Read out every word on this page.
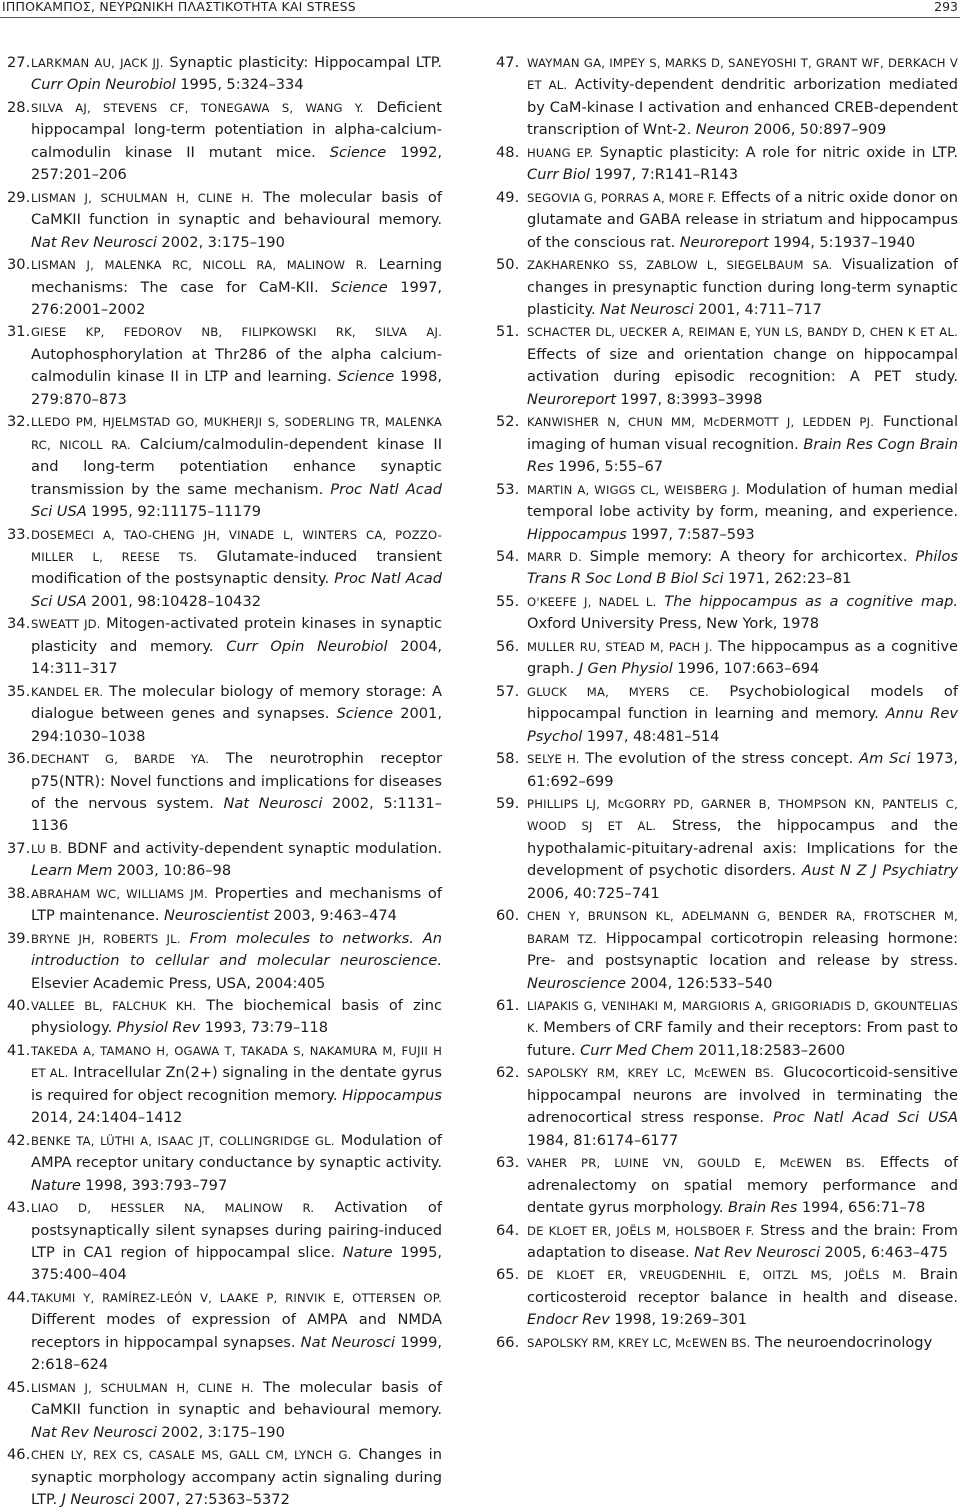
ΙΠΠΟΚΑΜΠΟΣ, ΝΕΥΡΩΝΙΚΗ ΠΛΑΣΤΙΚΟΤΗΤΑ ΚΑΙ STRESS	293
27. LARKMAN AU, JACK JJ. Synaptic plasticity: Hippocampal LTP. Curr Opin Neurobiol 1995, 5:324–334
28. SILVA AJ, STEVENS CF, TONEGAWA S, WANG Y. Deficient hippocampal long-term potentiation in alpha-calcium-calmodulin kinase II mutant mice. Science 1992, 257:201–206
29. LISMAN J, SCHULMAN H, CLINE H. The molecular basis of CaMKII function in synaptic and behavioural memory. Nat Rev Neurosci 2002, 3:175–190
30. LISMAN J, MALENKA RC, NICOLL RA, MALINOW R. Learning mechanisms: The case for CaM-KII. Science 1997, 276:2001–2002
31. GIESE KP, FEDOROV NB, FILIPKOWSKI RK, SILVA AJ. Autophosphorylation at Thr286 of the alpha calcium-calmodulin kinase II in LTP and learning. Science 1998, 279:870–873
32. LLEDO PM, HJELMSTAD GO, MUKHERJI S, SODERLING TR, MALENKA RC, NICOLL RA. Calcium/calmodulin-dependent kinase II and long-term potentiation enhance synaptic transmission by the same mechanism. Proc Natl Acad Sci USA 1995, 92:11175–11179
33. DOSEMECI A, TAO-CHENG JH, VINADE L, WINTERS CA, POZZO-MILLER L, REESE TS. Glutamate-induced transient modification of the postsynaptic density. Proc Natl Acad Sci USA 2001, 98:10428–10432
34. SWEATT JD. Mitogen-activated protein kinases in synaptic plasticity and memory. Curr Opin Neurobiol 2004, 14:311–317
35. KANDEL ER. The molecular biology of memory storage: A dialogue between genes and synapses. Science 2001, 294:1030–1038
36. DECHANT G, BARDE YA. The neurotrophin receptor p75(NTR): Novel functions and implications for diseases of the nervous system. Nat Neurosci 2002, 5:1131–1136
37. LU B. BDNF and activity-dependent synaptic modulation. Learn Mem 2003, 10:86–98
38. ABRAHAM WC, WILLIAMS JM. Properties and mechanisms of LTP maintenance. Neuroscientist 2003, 9:463–474
39. BRYNE JH, ROBERTS JL. From molecules to networks. An introduction to cellular and molecular neuroscience. Elsevier Academic Press, USA, 2004:405
40. VALLEE BL, FALCHUK KH. The biochemical basis of zinc physiology. Physiol Rev 1993, 73:79–118
41. TAKEDA A, TAMANO H, OGAWA T, TAKADA S, NAKAMURA M, FUJII H ET AL. Intracellular Zn(2+) signaling in the dentate gyrus is required for object recognition memory. Hippocampus 2014, 24:1404–1412
42. BENKE TA, LÜTHI A, ISAAC JT, COLLINGRIDGE GL. Modulation of AMPA receptor unitary conductance by synaptic activity. Nature 1998, 393:793–797
43. LIAO D, HESSLER NA, MALINOW R. Activation of postsynaptically silent synapses during pairing-induced LTP in CA1 region of hippocampal slice. Nature 1995, 375:400–404
44. TAKUMI Y, RAMÍREZ-LEÓN V, LAAKE P, RINVIK E, OTTERSEN OP. Different modes of expression of AMPA and NMDA receptors in hippocampal synapses. Nat Neurosci 1999, 2:618–624
45. LISMAN J, SCHULMAN H, CLINE H. The molecular basis of CaMKII function in synaptic and behavioural memory. Nat Rev Neurosci 2002, 3:175–190
46. CHEN LY, REX CS, CASALE MS, GALL CM, LYNCH G. Changes in synaptic morphology accompany actin signaling during LTP. J Neurosci 2007, 27:5363–5372
47. WAYMAN GA, IMPEY S, MARKS D, SANEYOSHI T, GRANT WF, DERKACH V ET AL. Activity-dependent dendritic arborization mediated by CaM-kinase I activation and enhanced CREB-dependent transcription of Wnt-2. Neuron 2006, 50:897–909
48. HUANG EP. Synaptic plasticity: A role for nitric oxide in LTP. Curr Biol 1997, 7:R141–R143
49. SEGOVIA G, PORRAS A, MORE F. Effects of a nitric oxide donor on glutamate and GABA release in striatum and hippocampus of the conscious rat. Neuroreport 1994, 5:1937–1940
50. ZAKHARENKO SS, ZABLOW L, SIEGELBAUM SA. Visualization of changes in presynaptic function during long-term synaptic plasticity. Nat Neurosci 2001, 4:711–717
51. SCHACTER DL, UECKER A, REIMAN E, YUN LS, BANDY D, CHEN K ET AL. Effects of size and orientation change on hippocampal activation during episodic recognition: A PET study. Neuroreport 1997, 8:3993–3998
52. KANWISHER N, CHUN MM, McDERMOTT J, LEDDEN PJ. Functional imaging of human visual recognition. Brain Res Cogn Brain Res 1996, 5:55–67
53. MARTIN A, WIGGS CL, WEISBERG J. Modulation of human medial temporal lobe activity by form, meaning, and experience. Hippocampus 1997, 7:587–593
54. MARR D. Simple memory: A theory for archicortex. Philos Trans R Soc Lond B Biol Sci 1971, 262:23–81
55. O'KEEFE J, NADEL L. The hippocampus as a cognitive map. Oxford University Press, New York, 1978
56. MULLER RU, STEAD M, PACH J. The hippocampus as a cognitive graph. J Gen Physiol 1996, 107:663–694
57. GLUCK MA, MYERS CE. Psychobiological models of hippocampal function in learning and memory. Annu Rev Psychol 1997, 48:481–514
58. SELYE H. The evolution of the stress concept. Am Sci 1973, 61:692–699
59. PHILLIPS LJ, McGORRY PD, GARNER B, THOMPSON KN, PANTELIS C, WOOD SJ ET AL. Stress, the hippocampus and the hypothalamic-pituitary-adrenal axis: Implications for the development of psychotic disorders. Aust N Z J Psychiatry 2006, 40:725–741
60. CHEN Y, BRUNSON KL, ADELMANN G, BENDER RA, FROTSCHER M, BARAM TZ. Hippocampal corticotropin releasing hormone: Pre- and postsynaptic location and release by stress. Neuroscience 2004, 126:533–540
61. LIAPAKIS G, VENIHAKI M, MARGIORIS A, GRIGORIADIS D, GKOUNTELIAS K. Members of CRF family and their receptors: From past to future. Curr Med Chem 2011,18:2583–2600
62. SAPOLSKY RM, KREY LC, McEWEN BS. Glucocorticoid-sensitive hippocampal neurons are involved in terminating the adrenocortical stress response. Proc Natl Acad Sci USA 1984, 81:6174–6177
63. VAHER PR, LUINE VN, GOULD E, McEWEN BS. Effects of adrenalectomy on spatial memory performance and dentate gyrus morphology. Brain Res 1994, 656:71–78
64. DE KLOET ER, JOËLS M, HOLSBOER F. Stress and the brain: From adaptation to disease. Nat Rev Neurosci 2005, 6:463–475
65. DE KLOET ER, VREUGDENHIL E, OITZL MS, JOËLS M. Brain corticosteroid receptor balance in health and disease. Endocr Rev 1998, 19:269–301
66. SAPOLSKY RM, KREY LC, McEWEN BS. The neuroendocrinology
